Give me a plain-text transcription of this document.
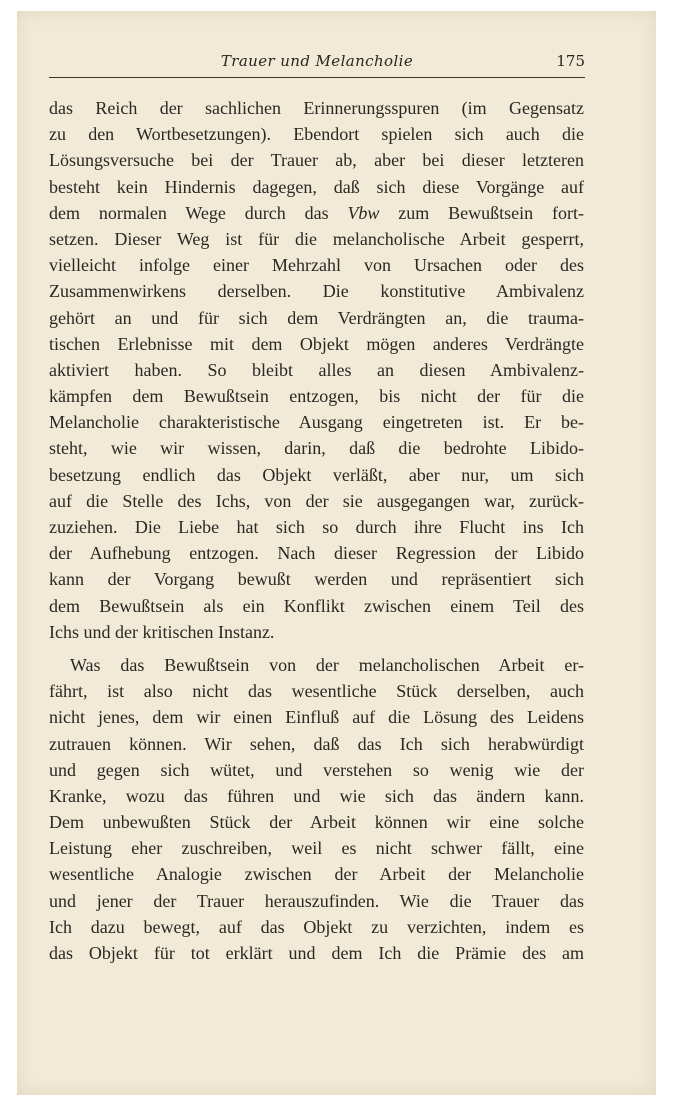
Trauer und Melancholie	175
das Reich der sachlichen Erinnerungsspuren (im Gegensatz
zu den Wortbesetzungen). Ebendort spielen sich auch die
Lösungsversuche bei der Trauer ab, aber bei dieser letzteren
besteht kein Hindernis dagegen, daß sich diese Vorgänge auf
dem normalen Wege durch das Vbw zum Bewußtsein fort-
setzen. Dieser Weg ist für die melancholische Arbeit gesperrt,
vielleicht infolge einer Mehrzahl von Ursachen oder des
Zusammenwirkens derselben. Die konstitutive Ambivalenz
gehört an und für sich dem Verdrängten an, die trauma-
tischen Erlebnisse mit dem Objekt mögen anderes Verdrängte
aktiviert haben. So bleibt alles an diesen Ambivalenz-
kämpfen dem Bewußtsein entzogen, bis nicht der für die
Melancholie charakteristische Ausgang eingetreten ist. Er be-
steht, wie wir wissen, darin, daß die bedrohte Libido-
besetzung endlich das Objekt verläßt, aber nur, um sich
auf die Stelle des Ichs, von der sie ausgegangen war, zurück-
zuziehen. Die Liebe hat sich so durch ihre Flucht ins Ich
der Aufhebung entzogen. Nach dieser Regression der Libido
kann der Vorgang bewußt werden und repräsentiert sich
dem Bewußtsein als ein Konflikt zwischen einem Teil des
Ichs und der kritischen Instanz.
Was das Bewußtsein von der melancholischen Arbeit er-
fährt, ist also nicht das wesentliche Stück derselben, auch
nicht jenes, dem wir einen Einfluß auf die Lösung des Leidens
zutrauen können. Wir sehen, daß das Ich sich herabwürdigt
und gegen sich wütet, und verstehen so wenig wie der
Kranke, wozu das führen und wie sich das ändern kann.
Dem unbewußten Stück der Arbeit können wir eine solche
Leistung eher zuschreiben, weil es nicht schwer fällt, eine
wesentliche Analogie zwischen der Arbeit der Melancholie
und jener der Trauer herauszufinden. Wie die Trauer das
Ich dazu bewegt, auf das Objekt zu verzichten, indem es
das Objekt für tot erklärt und dem Ich die Prämie des am
